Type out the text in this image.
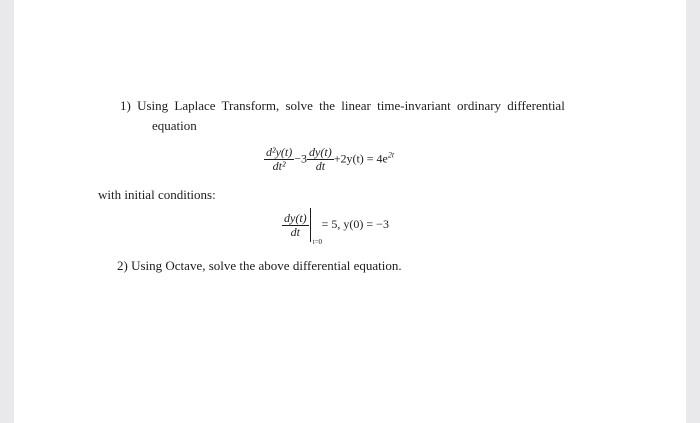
1) Using Laplace Transform, solve the linear time-invariant ordinary differential
equation
$\frac{\text{d²y(t)}}{\text{dt²}} -3 \frac{dy(t)}{dt} +2y(t) = 4e^{2t}$
with initial conditions:
$\frac{dy(t)}{dt}$
t=0
= 5, y(0) = −3
2) Using Octave, solve the above differential equation.
